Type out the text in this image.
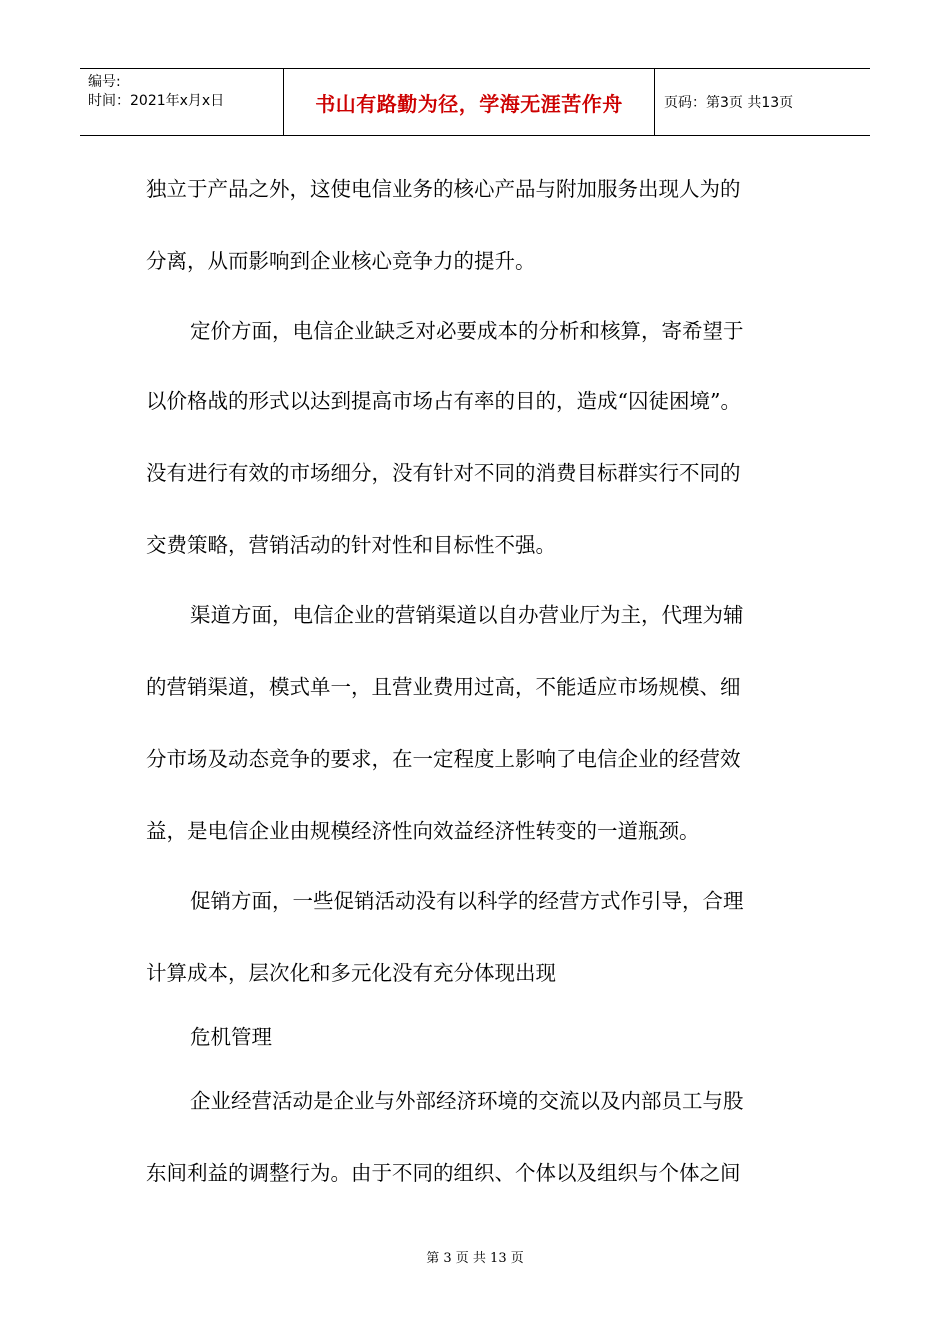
编号:
时间：2021年x月x日	书山有路勤为径，学海无涯苦作舟	页码：第3页 共13页
独立于产品之外，这使电信业务的核心产品与附加服务出现人为的
分离，从而影响到企业核心竞争力的提升。
定价方面，电信企业缺乏对必要成本的分析和核算，寄希望于
以价格战的形式以达到提高市场占有率的目的，造成“囚徒困境”。
没有进行有效的市场细分，没有针对不同的消费目标群实行不同的
交费策略，营销活动的针对性和目标性不强。
渠道方面，电信企业的营销渠道以自办营业厅为主，代理为辅
的营销渠道，模式单一，且营业费用过高，不能适应市场规模、细
分市场及动态竞争的要求，在一定程度上影响了电信企业的经营效
益，是电信企业由规模经济性向效益经济性转变的一道瓶颈。
促销方面，一些促销活动没有以科学的经营方式作引导，合理
计算成本，层次化和多元化没有充分体现出现
危机管理
企业经营活动是企业与外部经济环境的交流以及内部员工与股
东间利益的调整行为。由于不同的组织、个体以及组织与个体之间
第 3 页 共 13 页
